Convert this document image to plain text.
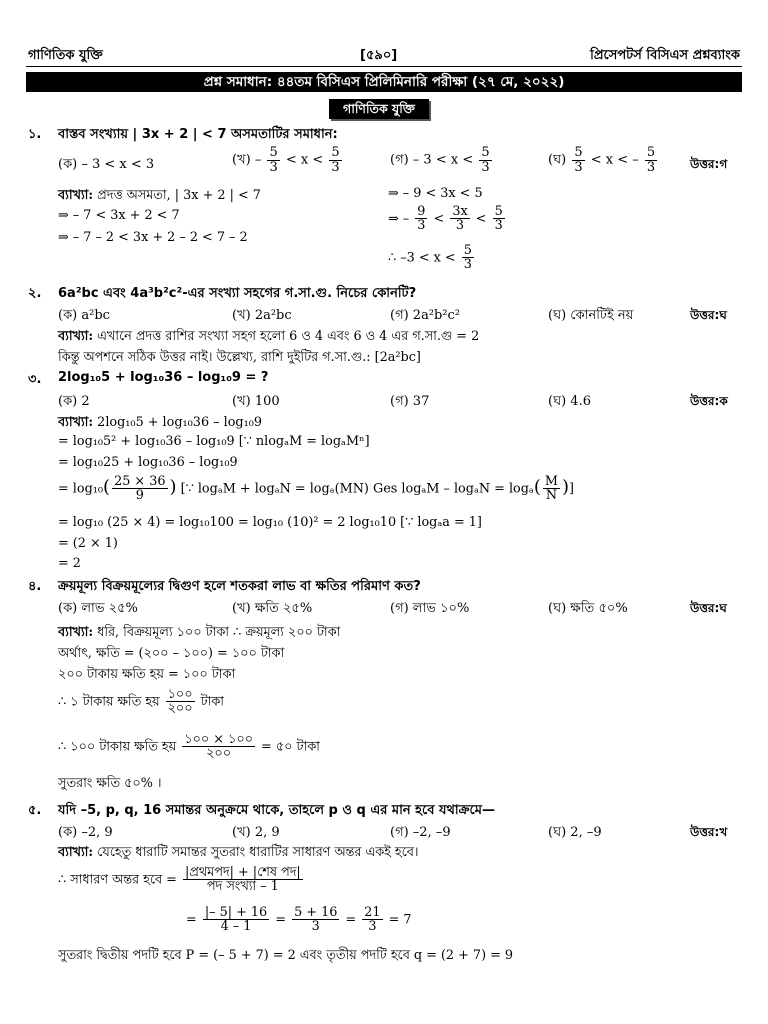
গাণিতিক যুক্তি	[৫৯০]	প্রিসেপটর্স বিসিএস প্রশ্নব্যাংক
প্রশ্ন সমাধান: ৪৪তম বিসিএস প্রিলিমিনারি পরীক্ষা (২৭ মে, ২০২২)
গাণিতিক যুক্তি
১. বাস্তব সংখ্যায় | 3x + 2 | < 7 অসমতাটির সমাধান:
(ক) – 3 < x < 3	(খ) – $\frac{5}{3} < x < \frac{5}{3}$	(গ) – $3 < x < \frac{5}{3}$	(ঘ) $\frac{5}{3} < x$ < – $\frac{5}{3}$	উত্তর:গ
ব্যাখ্যা: প্রদত্ত অসমতা, | 3x + 2 | < 7
⇒ – 7 < 3x + 2 < 7
⇒ – 7 – 2 < 3x + 2 – 2 < 7 – 2
⇒ – 9 < 3x < 5
⇒ – $\frac{9}{3} < \frac{3x}{3} < \frac{5}{3}$
∴ $-3 < x < \frac{5}{3}$
২. 6a²bc এবং 4a³b²c²-এর সংখ্যা সহগের গ.সা.গু. নিচের কোনটি?
(ক) a²bc	(খ) 2a²bc	(গ) 2a²b²c²	(ঘ) কোনটিই নয়	উত্তর:ঘ
ব্যাখ্যা: এখানে প্রদত্ত রাশির সংখ্যা সহগ হলো 6 ও 4 এবং 6 ও 4 এর গ.সা.গু = 2
কিন্তু অপশনে সঠিক উত্তর নাই। উল্লেখ্য, রাশি দুইটির গ.সা.গু.: [2a²bc]
৩. 2log₁₀5 + log₁₀36 – log₁₀9 = ?
(ক) 2	(খ) 100	(গ) 37	(ঘ) 4.6	উত্তর:ক
ব্যাখ্যা: 2log₁₀5 + log₁₀36 – log₁₀9
= log₁₀5² + log₁₀36 – log₁₀9 [∵ nlogₐM = logₐMⁿ]
= log₁₀25 + log₁₀36 – log₁₀9
= $\log_{10}( \frac{25 \times 36}{9}$ ) [∵ logₐM + logₐN = logₐ(MN) Ges $\log_aM - \log_aN = \log_a( \frac{M}{N}$ )]
= log₁₀ (25 × 4) = log₁₀100 = log₁₀ (10)² = 2 log₁₀10 [∵ logₐa = 1]
= (2 × 1)
= 2
৪. ক্রয়মূল্য বিক্রয়মূল্যের দ্বিগুণ হলে শতকরা লাভ বা ক্ষতির পরিমাণ কত?
(ক) লাভ ২৫%	(খ) ক্ষতি ২৫%	(গ) লাভ ১০%	(ঘ) ক্ষতি ৫০%	উত্তর:ঘ
ব্যাখ্যা: ধরি, বিক্রয়মূল্য ১০০ টাকা ∴ ক্রয়মূল্য ২০০ টাকা
অর্থাৎ, ক্ষতি = (২০০ – ১০০) = ১০০ টাকা
২০০ টাকায় ক্ষতি হয় = ১০০ টাকা
∴ ১ টাকায় ক্ষতি হয় $\frac{১০০}{২০০}$ টাকা
∴ ১০০ টাকায় ক্ষতি হয় $\frac{১০০ \times ১০০}{২০০}$ = ৫০ টাকা
সুতরাং ক্ষতি ৫০% ।
৫. যদি –5, p, q, 16 সমান্তর অনুক্রমে থাকে, তাহলে p ও q এর মান হবে যথাক্রমে—
(ক) –2, 9	(খ) 2, 9	(গ) –2, –9	(ঘ) 2, –9	উত্তর:খ
ব্যাখ্যা: যেহেতু ধারাটি সমান্তর সুতরাং ধারাটির সাধারণ অন্তর একই হবে।
∴ সাধারণ অন্তর হবে = $\frac{\text{|প্রথমপদ| + |শেষ পদ|}}{\text{পদ সংখ্যা – 1}}$
= $\frac{|- 5| + 16}{4 - 1} = \frac{5 + 16}{3} = \frac{21}{3} = 7$
সুতরাং দ্বিতীয় পদটি হবে P = (– 5 + 7) = 2 এবং তৃতীয় পদটি হবে q = (2 + 7) = 9
